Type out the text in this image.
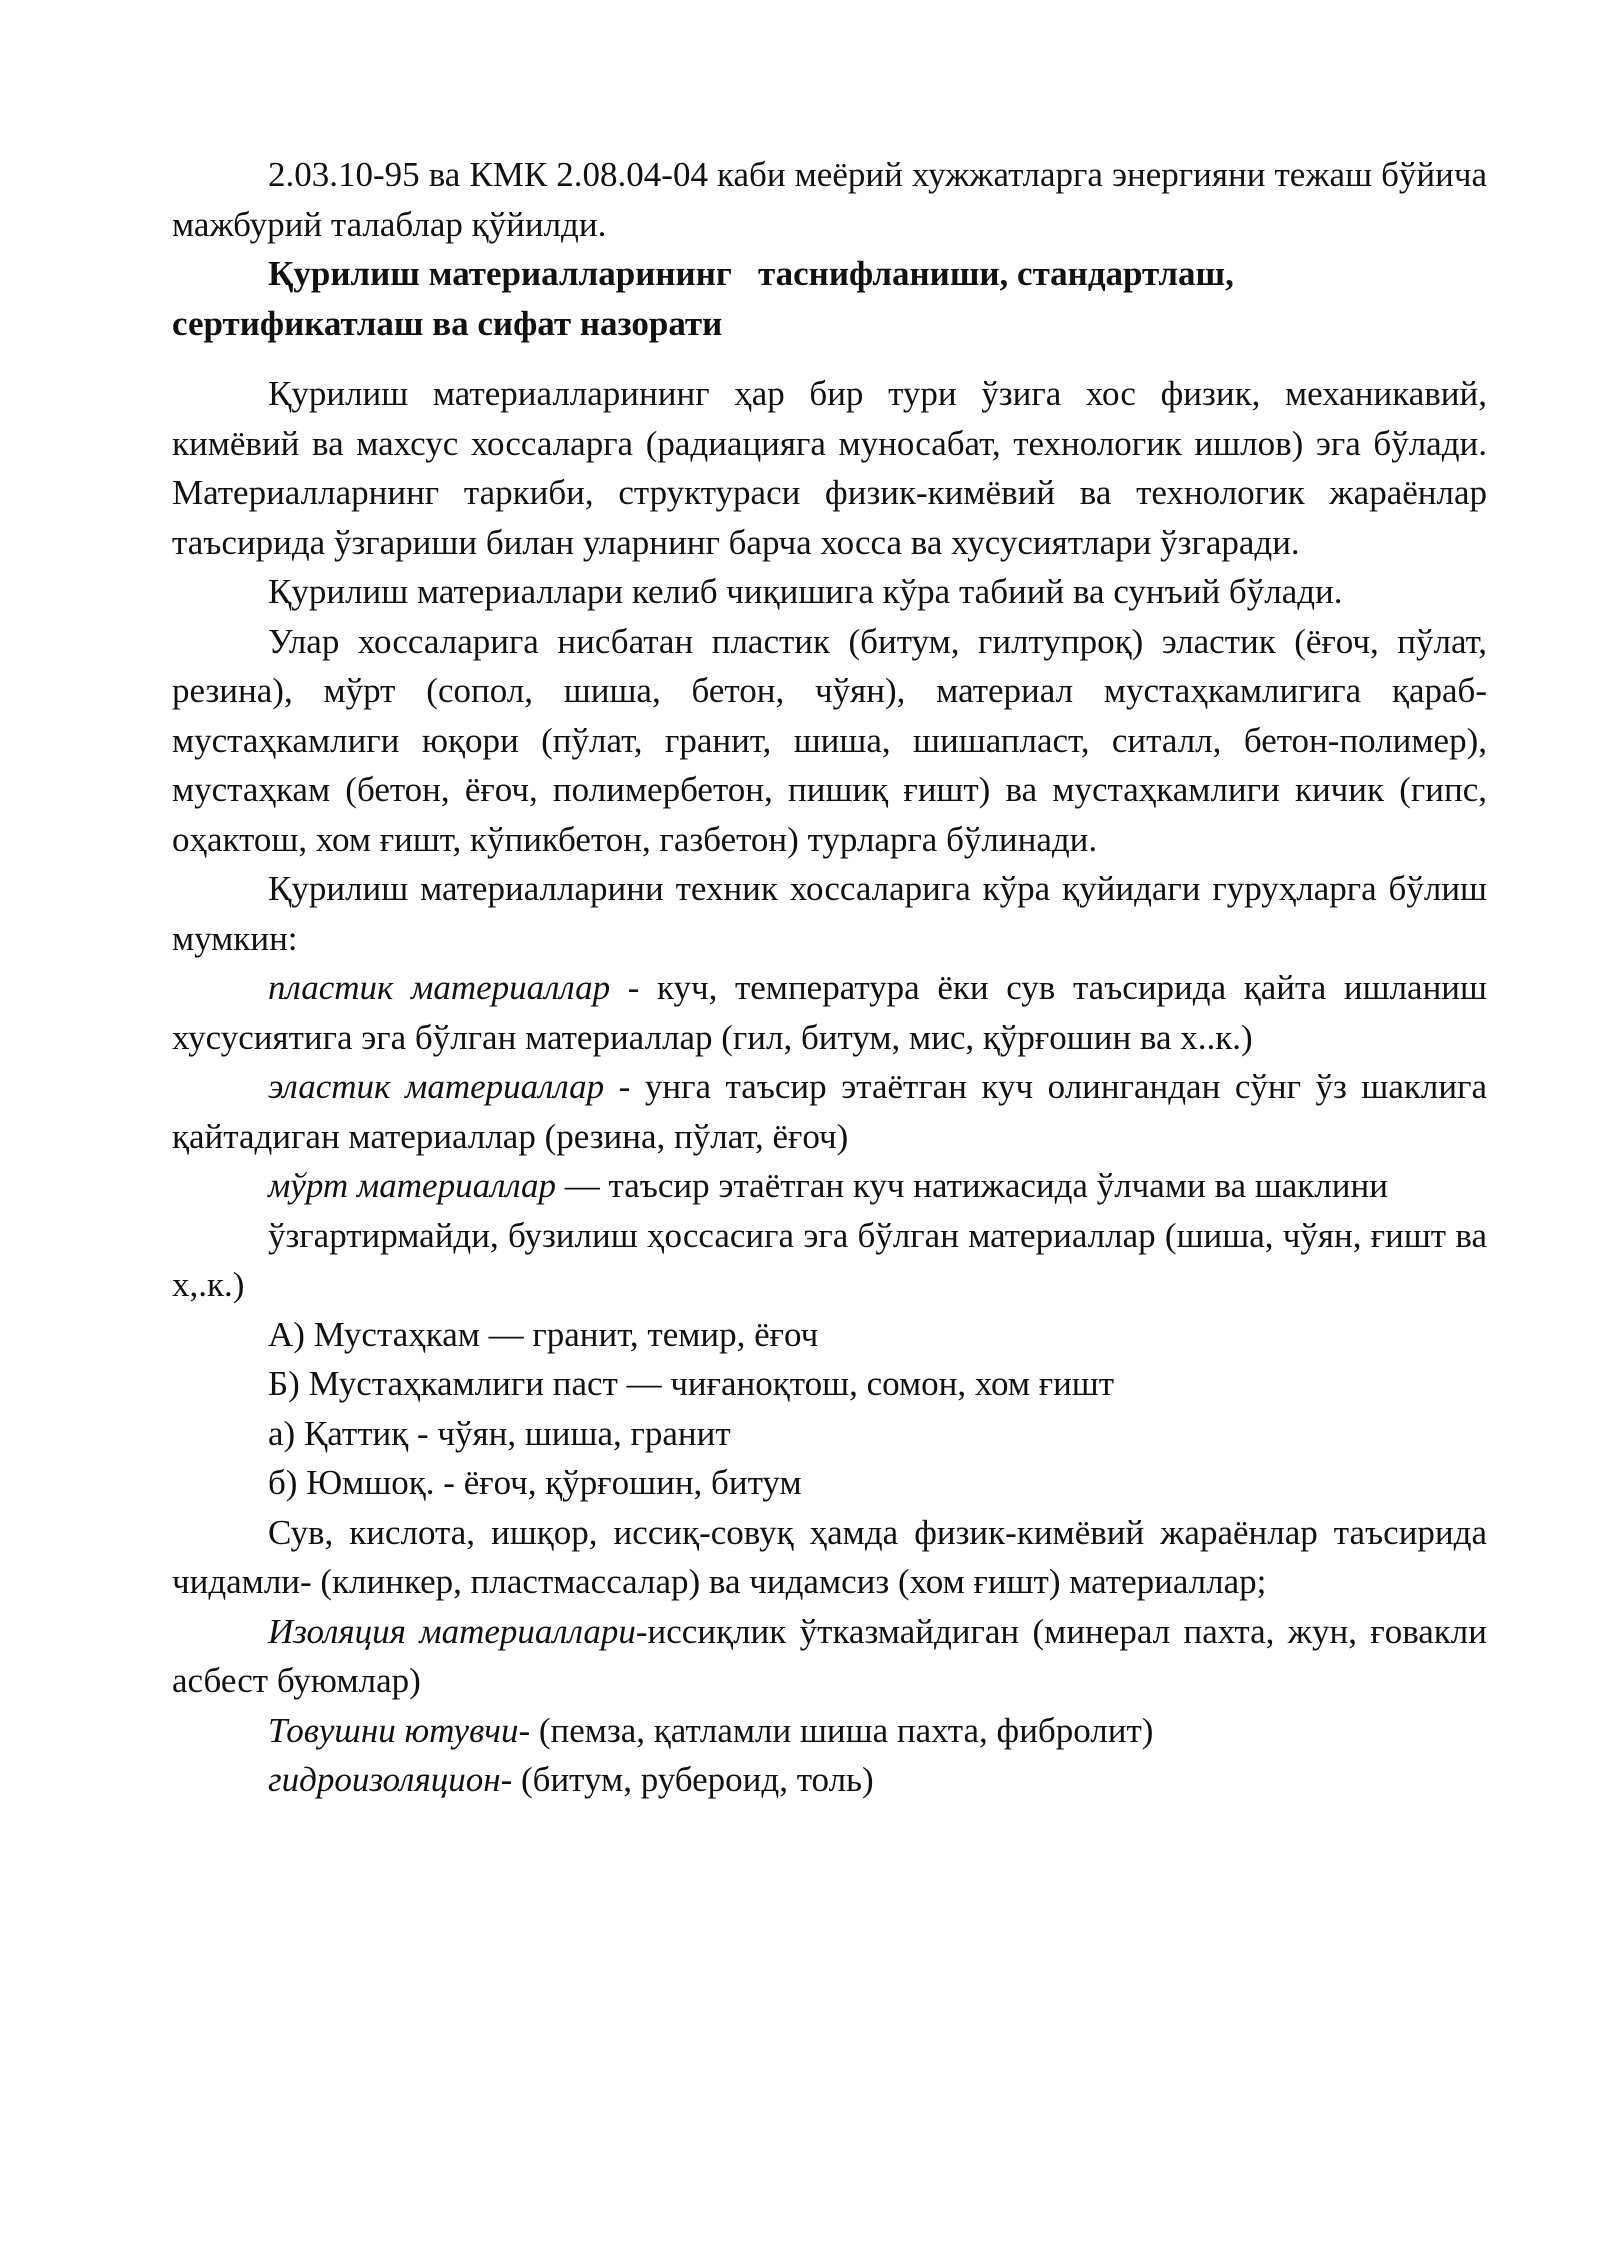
2.03.10-95 ва КМК 2.08.04-04 каби меёрий хужжатларга энергияни тежаш бўйича мажбурий талаблар қўйилди.

Қурилиш материалларининг   таснифланиши, стандартлаш,
сертификатлаш ва сифат назорати

Қурилиш материалларининг ҳар бир тури ўзига хос физик, механикавий, кимёвий ва махсус хоссаларга (радиацияга муносабат, технологик ишлов) эга бўлади. Материалларнинг таркиби, структураси физик-кимёвий ва технологик жараёнлар таъсирида ўзгариши билан уларнинг барча хосса ва хусусиятлари ўзгаради.

Қурилиш материаллари келиб чиқишига кўра табиий ва сунъий бўлади.

Улар хоссаларига нисбатан пластик (битум, гилтупроқ) эластик (ёғоч, пўлат, резина), мўрт (сопол, шиша, бетон, чўян), материал мустаҳкамлигига қараб-мустаҳкамлиги юқори (пўлат, гранит, шиша, шишапласт, ситалл, бетон-полимер), мустаҳкам (бетон, ёғоч, полимербетон, пишиқ ғишт) ва мустаҳкамлиги кичик (гипс, оҳактош, хом ғишт, кўпикбетон, газбетон) турларга бўлинади.

Қурилиш материалларини техник хоссаларига кўра қуйидаги гуруҳларга бўлиш мумкин:

пластик материаллар - куч, температура ёки сув таъсирида қайта ишланиш хусусиятига эга бўлган материаллар (гил, битум, мис, қўрғошин ва х..к.)

эластик материаллар - унга таъсир этаётган куч олингандан сўнг ўз шаклига қайтадиган материаллар (резина, пўлат, ёғоч)

мўрт материаллар — таъсир этаётган куч натижасида ўлчами ва шаклини

ўзгартирмайди, бузилиш ҳоссасига эга бўлган материаллар (шиша, чўян, ғишт ва х,.к.)

А) Мустаҳкам — гранит, темир, ёғоч

Б) Мустаҳкамлиги паст — чиғаноқтош, сомон, хом ғишт

а) Қаттиқ - чўян, шиша, гранит

б) Юмшоқ. - ёғоч, қўрғошин, битум

Сув, кислота, ишқор, иссиқ-совуқ ҳамда физик-кимёвий жараёнлар таъсирида чидамли- (клинкер, пластмассалар) ва чидамсиз (хом ғишт) материаллар;

Изоляция материаллари-иссиқлик ўтказмайдиган (минерал пахта, жун, ғовакли асбест буюмлар)

Товушни ютувчи- (пемза, қатламли шиша пахта, фибролит)

гидроизоляцион- (битум, рубероид, толь)
